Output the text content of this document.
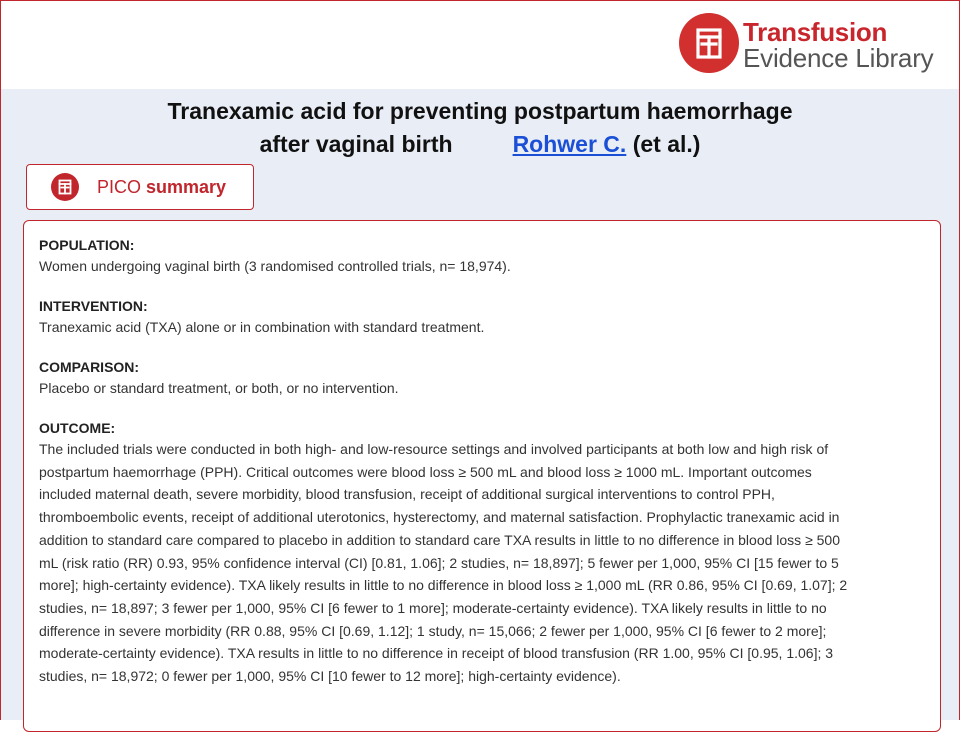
Transfusion
Evidence Library
Tranexamic acid for preventing postpartum haemorrhage
after vaginal birth	Rohwer C. (et al.)
PICO summary
POPULATION:
Women undergoing vaginal birth (3 randomised controlled trials, n= 18,974).
INTERVENTION:
Tranexamic acid (TXA) alone or in combination with standard treatment.
COMPARISON:
Placebo or standard treatment, or both, or no intervention.
OUTCOME:
The included trials were conducted in both high- and low-resource settings and involved participants at both low and high risk of
postpartum haemorrhage (PPH). Critical outcomes were blood loss ≥ 500 mL and blood loss ≥ 1000 mL. Important outcomes
included maternal death, severe morbidity, blood transfusion, receipt of additional surgical interventions to control PPH,
thromboembolic events, receipt of additional uterotonics, hysterectomy, and maternal satisfaction. Prophylactic tranexamic acid in
addition to standard care compared to placebo in addition to standard care TXA results in little to no difference in blood loss ≥ 500
mL (risk ratio (RR) 0.93, 95% confidence interval (CI) [0.81, 1.06]; 2 studies, n= 18,897]; 5 fewer per 1,000, 95% CI [15 fewer to 5
more]; high-certainty evidence). TXA likely results in little to no difference in blood loss ≥ 1,000 mL (RR 0.86, 95% CI [0.69, 1.07]; 2
studies, n= 18,897; 3 fewer per 1,000, 95% CI [6 fewer to 1 more]; moderate-certainty evidence). TXA likely results in little to no
difference in severe morbidity (RR 0.88, 95% CI [0.69, 1.12]; 1 study, n= 15,066; 2 fewer per 1,000, 95% CI [6 fewer to 2 more];
moderate-certainty evidence). TXA results in little to no difference in receipt of blood transfusion (RR 1.00, 95% CI [0.95, 1.06]; 3
studies, n= 18,972; 0 fewer per 1,000, 95% CI [10 fewer to 12 more]; high-certainty evidence).
